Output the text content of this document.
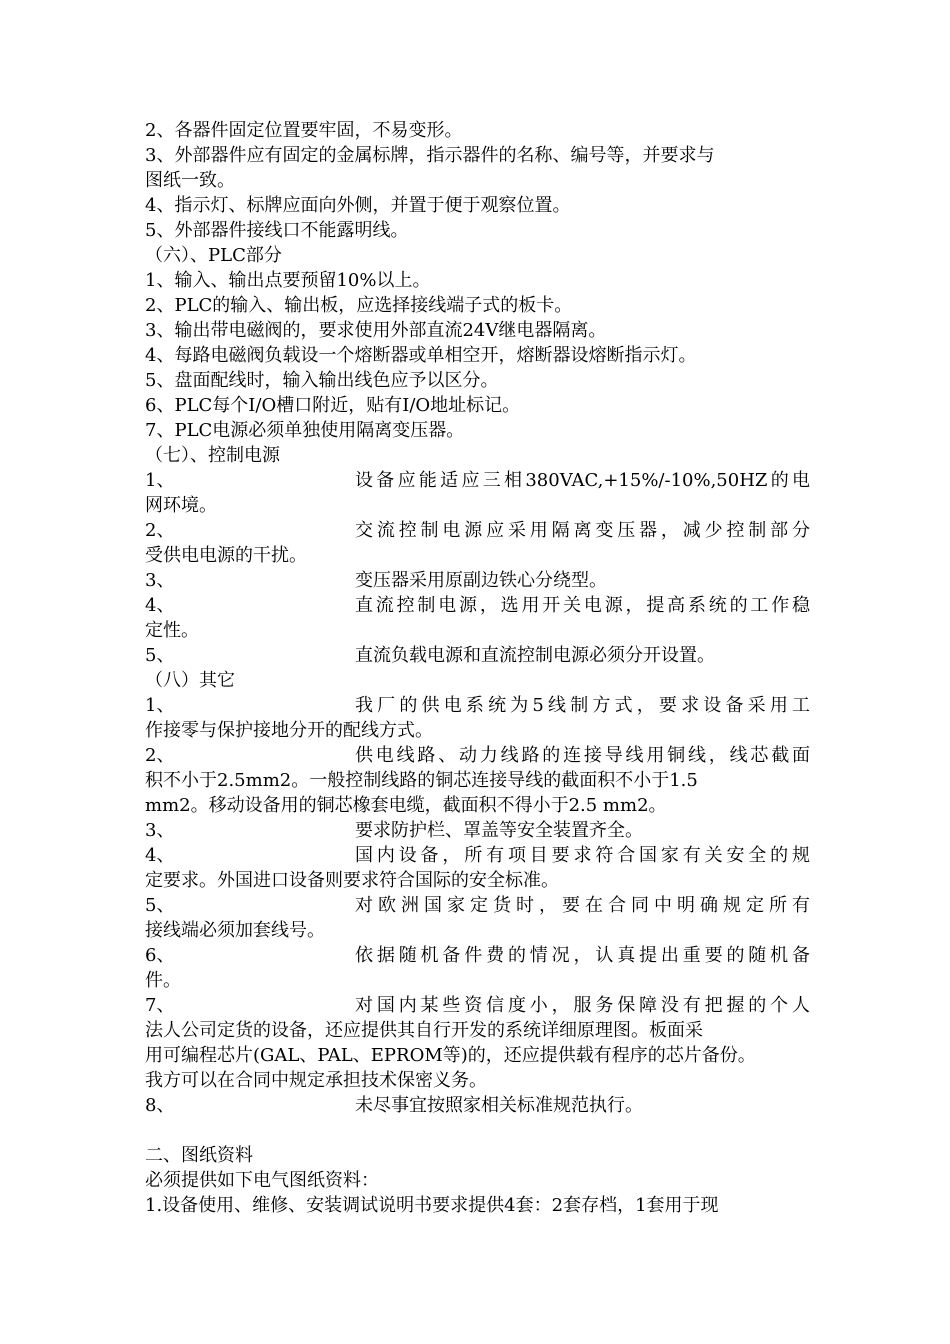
2、各器件固定位置要牢固，不易变形。

3、外部器件应有固定的金属标牌，指示器件的名称、编号等，并要求与

图纸一致。

4、指示灯、标牌应面向外侧，并置于便于观察位置。

5、外部器件接线口不能露明线。

（六）、PLC部分

1、输入、输出点要预留10%以上。

2、PLC的输入、输出板，应选择接线端子式的板卡。

3、输出带电磁阀的，要求使用外部直流24V继电器隔离。

4、每路电磁阀负载设一个熔断器或单相空开，熔断器设熔断指示灯。

5、盘面配线时，输入输出线色应予以区分。

6、PLC每个I/O槽口附近，贴有I/O地址标记。

7、PLC电源必须单独使用隔离变压器。

（七）、控制电源

1、	设备应能适应三相380VAC,+15%/-10%,50HZ的电

网环境。

2、	交流控制电源应采用隔离变压器，减少控制部分

受供电电源的干扰。

3、	变压器采用原副边铁心分绕型。
4、	直流控制电源，选用开关电源，提高系统的工作稳

定性。

5、	直流负载电源和直流控制电源必须分开设置。

（八）其它

1、	我厂的供电系统为5线制方式，要求设备采用工

作接零与保护接地分开的配线方式。

2、	供电线路、动力线路的连接导线用铜线，线芯截面

积不小于2.5mm2。一般控制线路的铜芯连接导线的截面积不小于1.5

mm2。移动设备用的铜芯橡套电缆，截面积不得小于2.5 mm2。

3、	要求防护栏、罩盖等安全装置齐全。
4、	国内设备，所有项目要求符合国家有关安全的规

定要求。外国进口设备则要求符合国际的安全标准。

5、	对欧洲国家定货时，要在合同中明确规定所有

接线端必须加套线号。

6、	依据随机备件费的情况，认真提出重要的随机备

件。

7、	对国内某些资信度小，服务保障没有把握的个人

法人公司定货的设备，还应提供其自行开发的系统详细原理图。板面采

用可编程芯片(GAL、PAL、EPROM等)的，还应提供载有程序的芯片备份。

我方可以在合同中规定承担技术保密义务。

8、	未尽事宜按照家相关标准规范执行。

二、图纸资料

必须提供如下电气图纸资料：

1.设备使用、维修、安装调试说明书要求提供4套：2套存档，1套用于现
